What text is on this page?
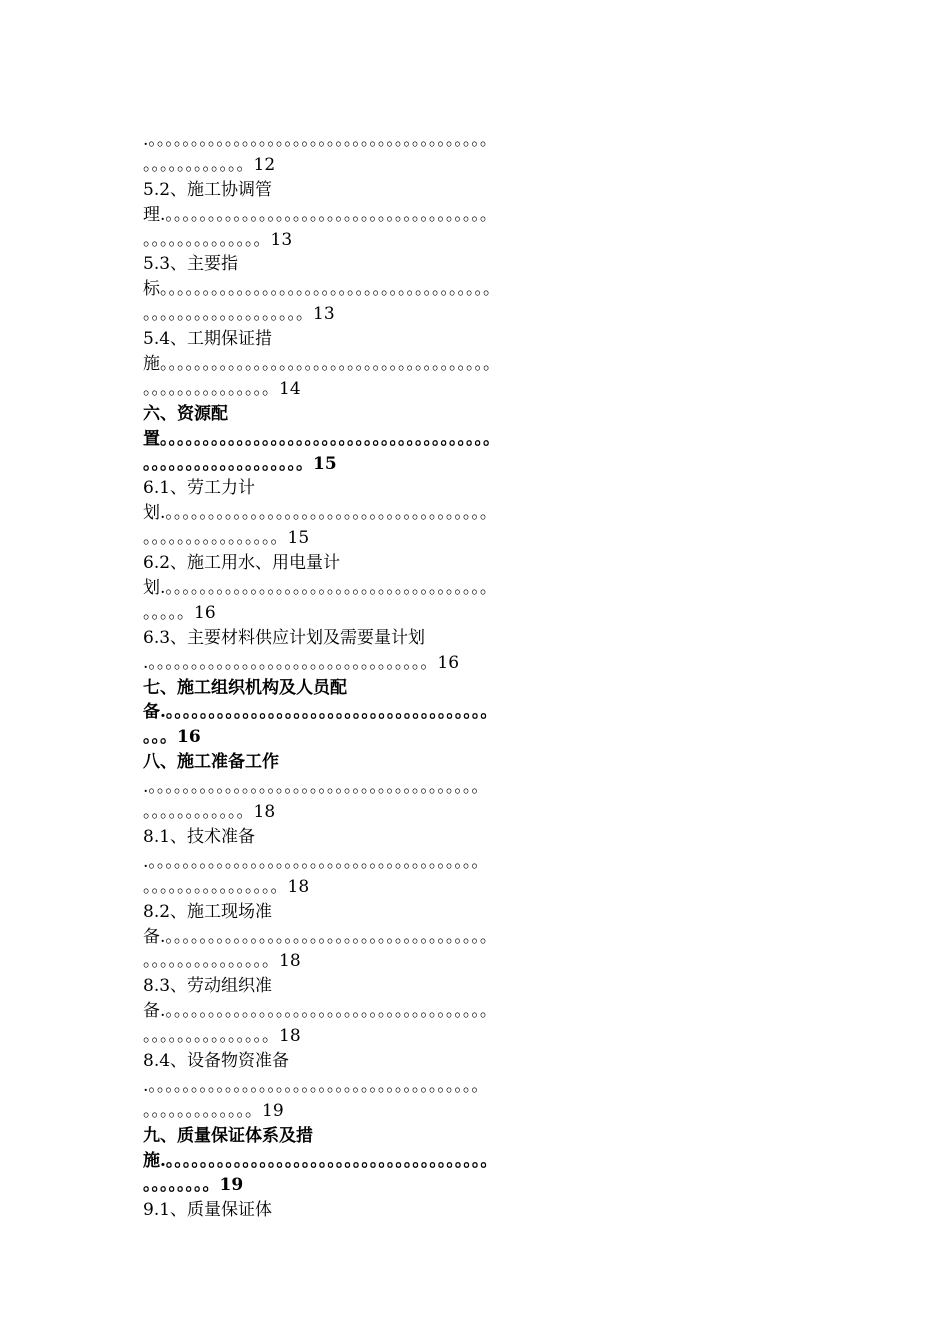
.。。。。。。。。。。。。。。。。。。。。。。。。。。。。。。。。。。。。。。。。
。。。。。。。。。。。。12
5.2、施工协调管
理.。。。。。。。。。。。。。。。。。。。。。。。。。。。。。。。。。。。。。。
。。。。。。。。。。。。。。13
5.3、主要指
标。。。。。。。。。。。。。。。。。。。。。。。。。。。。。。。。。。。。。。。
。。。。。。。。。。。。。。。。。。。13
5.4、工期保证措
施。。。。。。。。。。。。。。。。。。。。。。。。。。。。。。。。。。。。。。。
。。。。。。。。。。。。。。。14
六、资源配
置。。。。。。。。。。。。。。。。。。。。。。。。。。。。。。。。。。。。。。。
。。。。。。。。。。。。。。。。。。。15
6.1、劳工力计
划.。。。。。。。。。。。。。。。。。。。。。。。。。。。。。。。。。。。。。。
。。。。。。。。。。。。。。。。15
6.2、施工用水、用电量计
划.。。。。。。。。。。。。。。。。。。。。。。。。。。。。。。。。。。。。。。
。。。。。16
6.3、主要材料供应计划及需要量计划
.。。。。。。。。。。。。。。。。。。。。。。。。。。。。。。。。。16
七、施工组织机构及人员配
备.。。。。。。。。。。。。。。。。。。。。。。。。。。。。。。。。。。。。。。
。。。16
八、施工准备工作
.。。。。。。。。。。。。。。。。。。。。。。。。。。。。。。。。。。。。。。。
。。。。。。。。。。。。18
8.1、技术准备
.。。。。。。。。。。。。。。。。。。。。。。。。。。。。。。。。。。。。。。。
。。。。。。。。。。。。。。。。18
8.2、施工现场准
备.。。。。。。。。。。。。。。。。。。。。。。。。。。。。。。。。。。。。。。
。。。。。。。。。。。。。。。18
8.3、劳动组织准
备.。。。。。。。。。。。。。。。。。。。。。。。。。。。。。。。。。。。。。。
。。。。。。。。。。。。。。。18
8.4、设备物资准备
.。。。。。。。。。。。。。。。。。。。。。。。。。。。。。。。。。。。。。。。
。。。。。。。。。。。。。19
九、质量保证体系及措
施.。。。。。。。。。。。。。。。。。。。。。。。。。。。。。。。。。。。。。。
。。。。。。。。19
9.1、质量保证体
